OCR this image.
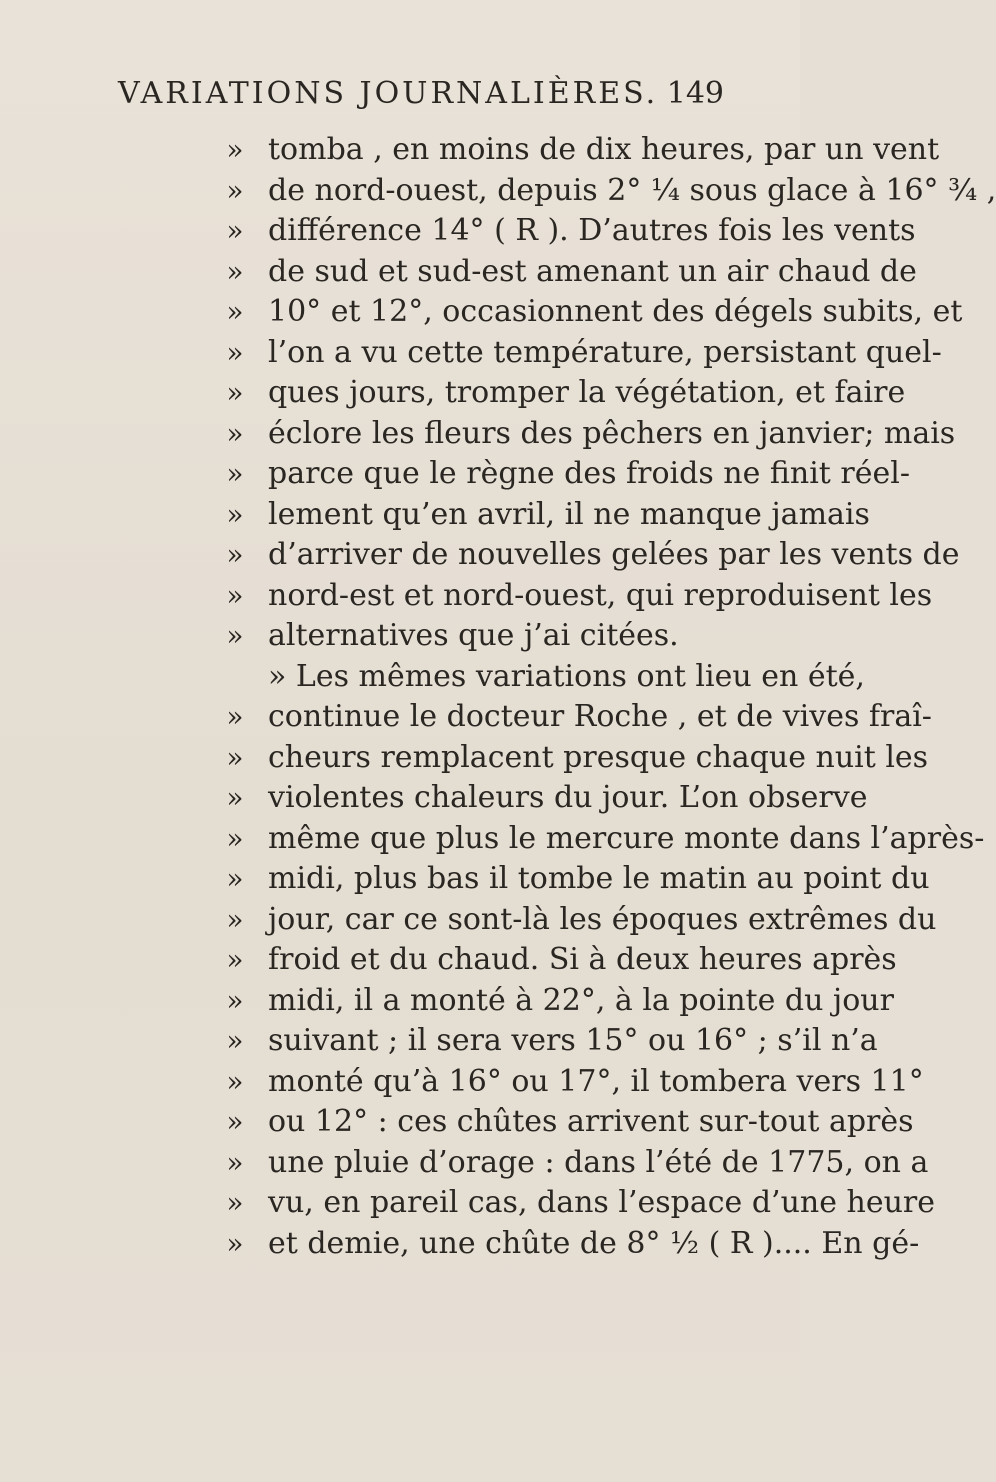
VARIATIONS JOURNALIÈRES. 149
» tomba , en moins de dix heures, par un vent
» de nord-ouest, depuis 2° ¼ sous glace à 16° ¾ ,
» différence 14° ( R ). D’autres fois les vents
» de sud et sud-est amenant un air chaud de
» 10° et 12°, occasionnent des dégels subits, et
» l’on a vu cette température, persistant quel-
» ques jours, tromper la végétation, et faire
» éclore les fleurs des pêchers en janvier; mais
» parce que le règne des froids ne finit réel-
» lement qu’en avril, il ne manque jamais
» d’arriver de nouvelles gelées par les vents de
» nord-est et nord-ouest, qui reproduisent les
» alternatives que j’ai citées.
» Les mêmes variations ont lieu en été,
» continue le docteur Roche , et de vives fraî-
» cheurs remplacent presque chaque nuit les
» violentes chaleurs du jour. L’on observe
» même que plus le mercure monte dans l’après-
» midi, plus bas il tombe le matin au point du
» jour, car ce sont-là les époques extrêmes du
» froid et du chaud. Si à deux heures après
» midi, il a monté à 22°, à la pointe du jour
» suivant ; il sera vers 15° ou 16° ; s’il n’a
» monté qu’à 16° ou 17°, il tombera vers 11°
» ou 12° : ces chûtes arrivent sur-tout après
» une pluie d’orage : dans l’été de 1775, on a
» vu, en pareil cas, dans l’espace d’une heure
» et demie, une chûte de 8° ½ ( R ).... En gé-
